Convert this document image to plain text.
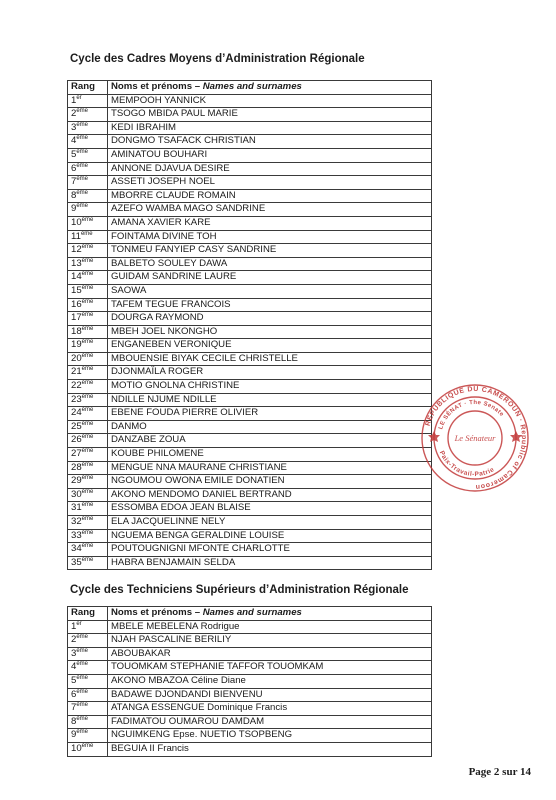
Cycle des Cadres Moyens d’Administration Régionale
Rang	Noms et prénoms – Names and surnames
1er	MEMPOOH YANNICK
2ème	TSOGO MBIDA PAUL MARIE
3ème	KEDI IBRAHIM
4ème	DONGMO TSAFACK CHRISTIAN
5ème	AMINATOU BOUHARI
6ème	ANNONE DJAVUA DESIRE
7ème	ASSETI JOSEPH NOEL
8ème	MBORRE CLAUDE ROMAIN
9ème	AZEFO WAMBA MAGO SANDRINE
10ème	AMANA XAVIER KARE
11ème	FOINTAMA DIVINE TOH
12ème	TONMEU FANYIEP CASY SANDRINE
13ème	BALBETO SOULEY DAWA
14ème	GUIDAM SANDRINE LAURE
15ème	SAOWA
16ème	TAFEM TEGUE FRANCOIS
17ème	DOURGA RAYMOND
18ème	MBEH JOEL NKONGHO
19ème	ENGANEBEN VERONIQUE
20ème	MBOUENSIE BIYAK CECILE CHRISTELLE
21ème	DJONMAÏLA ROGER
22ème	MOTIO GNOLNA CHRISTINE
23ème	NDILLE NJUME NDILLE
24ème	EBENE FOUDA PIERRE OLIVIER
25ème	DANMO
26ème	DANZABE ZOUA
27ème	KOUBE PHILOMENE
28ème	MENGUE NNA MAURANE CHRISTIANE
29ème	NGOUMOU OWONA EMILE DONATIEN
30ème	AKONO MENDOMO DANIEL BERTRAND
31ème	ESSOMBA EDOA JEAN BLAISE
32ème	ELA JACQUELINNE NELY
33ème	NGUEMA BENGA GERALDINE LOUISE
34ème	POUTOUGNIGNI MFONTE CHARLOTTE
35ème	HABRA BENJAMAIN SELDA
Cycle des Techniciens Supérieurs d’Administration Régionale
Rang	Noms et prénoms – Names and surnames
1er	MBELE MEBELENA Rodrigue
2ème	NJAH PASCALINE BERILIY
3ème	ABOUBAKAR
4ème	TOUOMKAM STEPHANIE TAFFOR TOUOMKAM
5ème	AKONO MBAZOA Céline Diane
6ème	BADAWE DJONDANDI BIENVENU
7ème	ATANGA ESSENGUE Dominique Francis
8ème	FADIMATOU OUMAROU DAMDAM
9ème	NGUIMKENG Epse. NUETIO TSOPBENG
10ème	BEGUIA II Francis
RÉPUBLIQUE DU CAMEROUN · Republic of Cameroon
LE SÉNAT · The Senate
Paix-Travail-Patrie
Le Sénateur
Page 2 sur 14
